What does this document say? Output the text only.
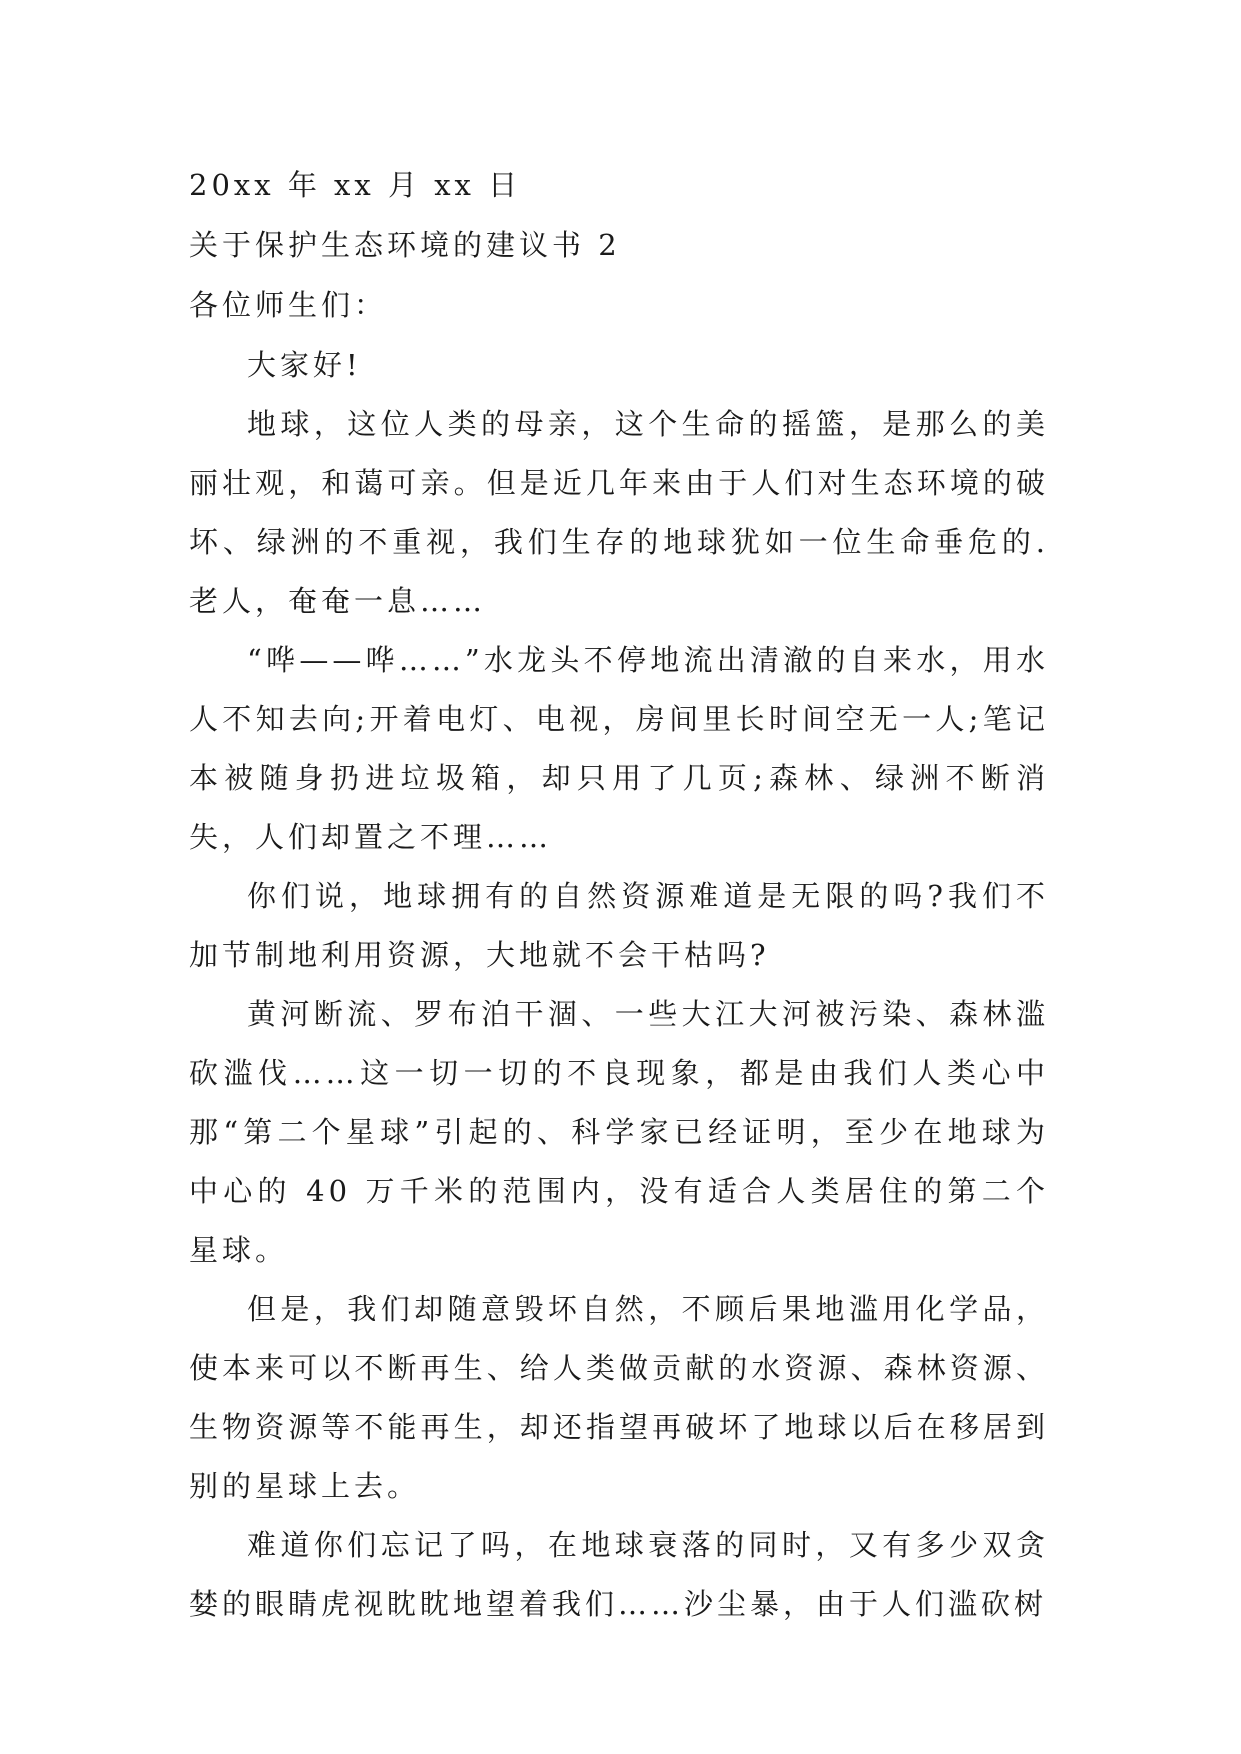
20xx 年 xx 月 xx 日

关于保护生态环境的建议书 2

各位师生们：

大家好!

地球，这位人类的母亲，这个生命的摇篮，是那么的美丽壮观，和蔼可亲。但是近几年来由于人们对生态环境的破坏、绿洲的不重视，我们生存的地球犹如一位生命垂危的.老人，奄奄一息……

“哗——哗……”水龙头不停地流出清澈的自来水，用水人不知去向;开着电灯、电视，房间里长时间空无一人;笔记本被随身扔进垃圾箱，却只用了几页;森林、绿洲不断消失，人们却置之不理……

你们说，地球拥有的自然资源难道是无限的吗?我们不加节制地利用资源，大地就不会干枯吗?

黄河断流、罗布泊干涸、一些大江大河被污染、森林滥砍滥伐……这一切一切的不良现象，都是由我们人类心中那“第二个星球”引起的、科学家已经证明，至少在地球为中心的 40 万千米的范围内，没有适合人类居住的第二个星球。

但是，我们却随意毁坏自然，不顾后果地滥用化学品，使本来可以不断再生、给人类做贡献的水资源、森林资源、生物资源等不能再生，却还指望再破坏了地球以后在移居到别的星球上去。

难道你们忘记了吗，在地球衰落的同时，又有多少双贪婪的眼睛虎视眈眈地望着我们……沙尘暴，由于人们滥砍树
